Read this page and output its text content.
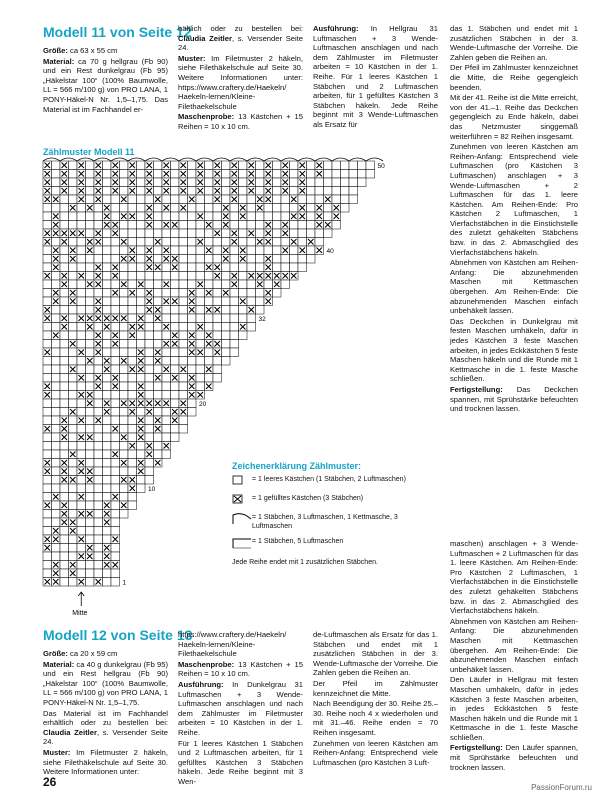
Modell 11 von Seite 12

Größe: ca 63 x 55 cm

Material: ca 70 g hellgrau (Fb 90) und ein Rest dunkelgrau (Fb 95) „Häkelstar 100“ (100% Baumwolle, LL = 566 m/100 g) von PRO LANA, 1 PONY-Häkel-N Nr. 1,5–1,75. Das Material ist im Fachhandel er-

hältlich oder zu bestellen bei: Claudia Zeitler, s. Versender Seite 24.

Muster: Im Filetmuster 2 häkeln, siehe Filethäkelschule auf Seite 30. Weitere Informationen unter: https://www.craftery.de/Haekeln/ Haekeln-lernen/Kleine-Filethaekelschule

Maschenprobe: 13 Kästchen + 15 Reihen = 10 x 10 cm.

Ausführung: In Hellgrau 31 Luftmaschen + 3 Wende-Luftmaschen anschlagen und nach dem Zählmuster im Filetmuster arbeiten = 10 Kästchen in der 1. Reihe. Für 1 leeres Kästchen 1 Stäbchen und 2 Luftmaschen arbeiten, für 1 gefülltes Kästchen 3 Stäbchen häkeln. Jede Reihe beginnt mit 3 Wende-Luftmaschen als Ersatz für

das 1. Stäbchen und endet mit 1 zusätzlichen Stäbchen in der 3. Wende-Luftmasche der Vorreihe. Die Zahlen geben die Reihen an.

Der Pfeil im Zählmuster kennzeichnet die Mitte, die Reihe gegengleich beenden.

Mit der 41. Reihe ist die Mitte erreicht, von der 41.–1. Reihe das Deckchen gegengleich zu Ende häkeln, dabei das Netzmuster singgemäß weiterführen = 82 Reihen insgesamt.

Zunehmen von leeren Kästchen am Reihen-Anfang: Entsprechend viele Luftmaschen (pro Kästchen 3 Luftmaschen) anschlagen + 3 Wende-Luftmaschen + 2 Luftmaschen für das 1. leere Kästchen. Am Reihen-Ende: Pro Kästchen 2 Luftmaschen, 1 Vierfachstäbchen in die Einstichstelle des zuletzt gehäkelten Stäbchens bzw. in das 2. Abmaschglied des Vierfachstäbchens häkeln.

Abnehmen von Kästchen am Reihen-Anfang: Die abzunehmenden Maschen mit Kettmaschen übergehen. Am Reihen-Ende: Die abzunehmenden Maschen einfach unbehäkelt lassen.

Das Deckchen in Dunkelgrau mit festen Maschen umhäkeln, dafür in jedes Kästchen 3 feste Maschen arbeiten, in jedes Eckkästchen 5 feste Maschen häkeln und die Runde mit 1 Kettmasche in die 1. feste Masche schließen.

Fertigstellung: Das Deckchen spannen, mit Sprühstärke befeuchten und trocknen lassen.

Zählmuster Modell 11
50
40
32
20
10
1
Mitte
Zeichenerklärung Zählmuster:
= 1 leeres Kästchen (1 Stäbchen, 2 Luftmaschen)
= 1 gefülltes Kästchen (3 Stäbchen)
= 1 Stäbchen, 3 Luftmaschen, 1 Kettmasche, 3 Luftmaschen
= 1 Stäbchen, 5 Luftmaschen
Jede Reihe endet mit 1 zusätzlichen Stäbchen.

maschen) anschlagen + 3 Wende-Luftmaschen + 2 Luftmaschen für das 1. leere Kästchen. Am Reihen-Ende: Pro Kästchen 2 Luftmaschen, 1 Vierfachstäbchen in die Einstichstelle des zuletzt gehäkelten Stäbchens bzw. in das 2. Abmaschglied des Vierfachstäbchens häkeln.

Abnehmen von Kästchen am Reihen-Anfang: Die abzunehmenden Maschen mit Kettmaschen übergehen. Am Reihen-Ende: Die abzunehmenden Maschen einfach unbehäkelt lassen.

Den Läufer in Hellgrau mit festen Maschen umhäkeln, dafür in jedes Kästchen 3 feste Maschen arbeiten, in jedes Eckkästchen 5 feste Maschen häkeln und die Runde mit 1 Kettmasche in die 1. feste Masche schließen.

Fertigstellung: Den Läufer spannen, mit Sprühstärke befeuchten und trocknen lassen.

Modell 12 von Seite 13

Größe: ca 20 x 59 cm

Material: ca 40 g dunkelgrau (Fb 95) und ein Rest hellgrau (Fb 90) „Häkelstar 100“ (100% Baumwolle, LL = 566 m/100 g) von PRO LANA, 1 PONY-Häkel-N Nr. 1,5–1,75.

Das Material ist im Fachhandel erhältlich oder zu bestellen bei: Claudia Zeitler, s. Versender Seite 24.

Muster: Im Filetmuster 2 häkeln, siehe Filethäkelschule auf Seite 30. Weitere Informationen unter:

https://www.craftery.de/Haekeln/ Haekeln-lernen/Kleine-Filethaekelschule

Maschenprobe: 13 Kästchen + 15 Reihen = 10 x 10 cm.

Ausführung: In Dunkelgrau 31 Luftmaschen + 3 Wende-Luftmaschen anschlagen und nach dem Zählmuster im Filetmuster arbeiten = 10 Kästchen in der 1. Reihe.

Für 1 leeres Kästchen 1 Stäbchen und 2 Luftmaschen arbeiten, für 1 gefülltes Kästchen 3 Stäbchen häkeln. Jede Reihe beginnt mit 3 Wen-

de-Luftmaschen als Ersatz für das 1. Stäbchen und endet mit 1 zusätzlichen Stäbchen in der 3. Wende-Luftmasche der Vorreihe. Die Zahlen geben die Reihen an.

Der Pfeil im Zählmuster kennzeichnet die Mitte.

Nach Beendigung der 30. Reihe 25.–30. Reihe noch 4 x wiederholen und mit 31.–46. Reihe enden = 70 Reihen insgesamt.

Zunehmen von leeren Kästchen am Reihen-Anfang: Entsprechend viele Luftmaschen (pro Kästchen 3 Luft-

26	PassionForum.ru
